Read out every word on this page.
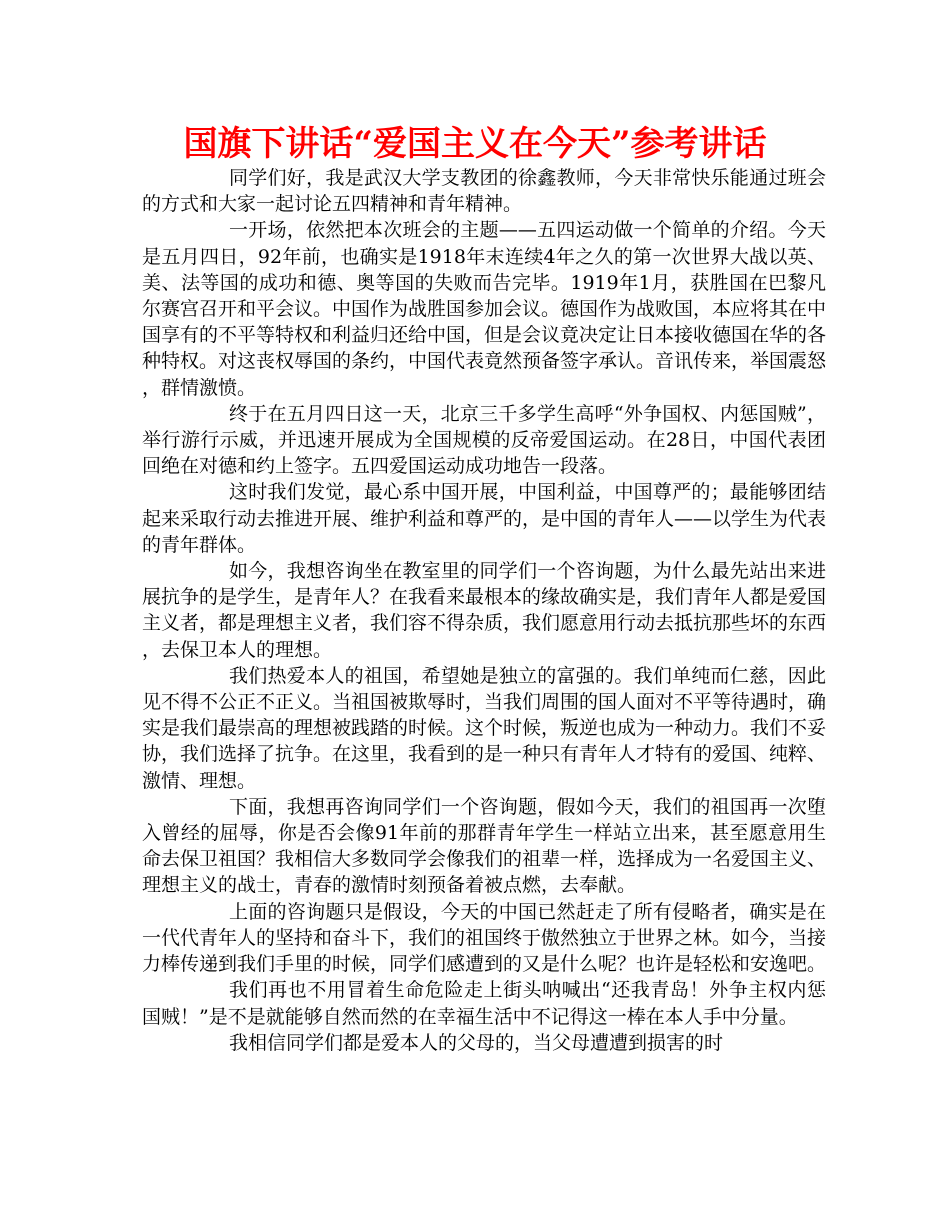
国旗下讲话“爱国主义在今天”参考讲话

同学们好，我是武汉大学支教团的徐鑫教师，今天非常快乐能通过班会的方式和大家一起讨论五四精神和青年精神。

一开场，依然把本次班会的主题——五四运动做一个简单的介绍。今天是五月四日，92年前，也确实是1918年末连续4年之久的第一次世界大战以英、美、法等国的成功和德、奥等国的失败而告完毕。1919年1月，获胜国在巴黎凡尔赛宫召开和平会议。中国作为战胜国参加会议。德国作为战败国，本应将其在中国享有的不平等特权和利益归还给中国，但是会议竟决定让日本接收德国在华的各种特权。对这丧权辱国的条约，中国代表竟然预备签字承认。音讯传来，举国震怒，群情激愤。

终于在五月四日这一天，北京三千多学生高呼“外争国权、内惩国贼”，举行游行示威，并迅速开展成为全国规模的反帝爱国运动。在28日，中国代表团回绝在对德和约上签字。五四爱国运动成功地告一段落。

这时我们发觉，最心系中国开展，中国利益，中国尊严的；最能够团结起来采取行动去推进开展、维护利益和尊严的，是中国的青年人——以学生为代表的青年群体。

如今，我想咨询坐在教室里的同学们一个咨询题，为什么最先站出来进展抗争的是学生，是青年人？在我看来最根本的缘故确实是，我们青年人都是爱国主义者，都是理想主义者，我们容不得杂质，我们愿意用行动去抵抗那些坏的东西，去保卫本人的理想。

我们热爱本人的祖国，希望她是独立的富强的。我们单纯而仁慈，因此见不得不公正不正义。当祖国被欺辱时，当我们周围的国人面对不平等待遇时，确实是我们最崇高的理想被践踏的时候。这个时候，叛逆也成为一种动力。我们不妥协，我们选择了抗争。在这里，我看到的是一种只有青年人才特有的爱国、纯粹、激情、理想。

下面，我想再咨询同学们一个咨询题，假如今天，我们的祖国再一次堕入曾经的屈辱，你是否会像91年前的那群青年学生一样站立出来，甚至愿意用生命去保卫祖国？我相信大多数同学会像我们的祖辈一样，选择成为一名爱国主义、理想主义的战士，青春的激情时刻预备着被点燃，去奉献。

上面的咨询题只是假设，今天的中国已然赶走了所有侵略者，确实是在一代代青年人的坚持和奋斗下，我们的祖国终于傲然独立于世界之林。如今，当接力棒传递到我们手里的时候，同学们感遭到的又是什么呢？也许是轻松和安逸吧。

我们再也不用冒着生命危险走上街头呐喊出“还我青岛！外争主权内惩国贼！”是不是就能够自然而然的在幸福生活中不记得这一棒在本人手中分量。

我相信同学们都是爱本人的父母的，当父母遭遭到损害的时
